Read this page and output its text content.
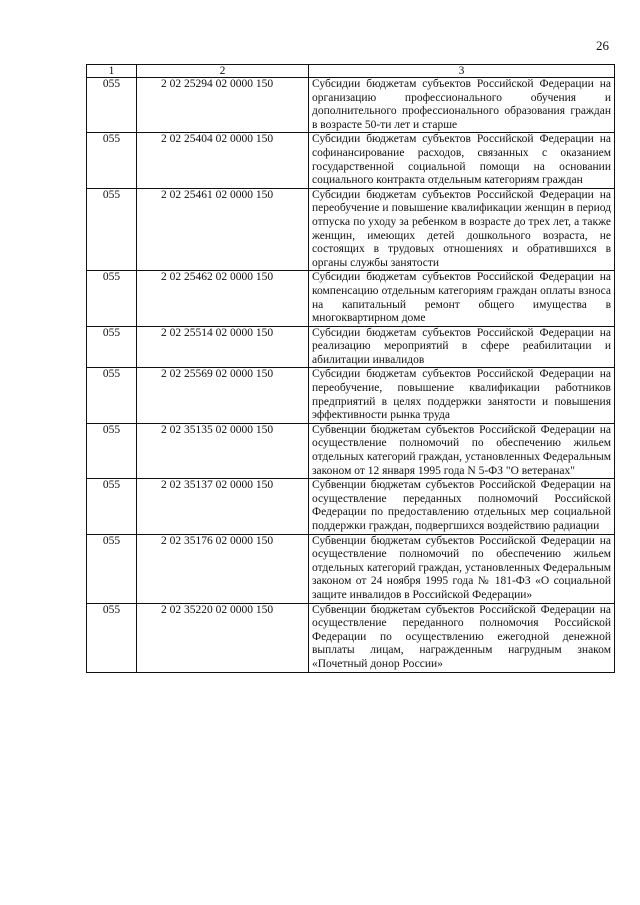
26
1	2	3
055	2 02 25294 02 0000 150	Субсидии бюджетам субъектов Российской Федерации на организацию профессионального обучения и дополнительного профессионального образования граждан в возрасте 50-ти лет и старше
055	2 02 25404 02 0000 150	Субсидии бюджетам субъектов Российской Федерации на софинансирование расходов, связанных с оказанием государственной социальной помощи на основании социального контракта отдельным категориям граждан
055	2 02 25461 02 0000 150	Субсидии бюджетам субъектов Российской Федерации на переобучение и повышение квалификации женщин в период отпуска по уходу за ребенком в возрасте до трех лет, а также женщин, имеющих детей дошкольного возраста, не состоящих в трудовых отношениях и обратившихся в органы службы занятости
055	2 02 25462 02 0000 150	Субсидии бюджетам субъектов Российской Федерации на компенсацию отдельным категориям граждан оплаты взноса на капитальный ремонт общего имущества в многоквартирном доме
055	2 02 25514 02 0000 150	Субсидии бюджетам субъектов Российской Федерации на реализацию мероприятий в сфере реабилитации и абилитации инвалидов
055	2 02 25569 02 0000 150	Субсидии бюджетам субъектов Российской Федерации на переобучение, повышение квалификации работников предприятий в целях поддержки занятости и повышения эффективности рынка труда
055	2 02 35135 02 0000 150	Субвенции бюджетам субъектов Российской Федерации на осуществление полномочий по обеспечению жильем отдельных категорий граждан, установленных Федеральным законом от 12 января 1995 года N 5-ФЗ "О ветеранах"
055	2 02 35137 02 0000 150	Субвенции бюджетам субъектов Российской Федерации на осуществление переданных полномочий Российской Федерации по предоставлению отдельных мер социальной поддержки граждан, подвергшихся воздействию радиации
055	2 02 35176 02 0000 150	Субвенции бюджетам субъектов Российской Федерации на осуществление полномочий по обеспечению жильем отдельных категорий граждан, установленных Федеральным законом от 24 ноября 1995 года № 181-ФЗ «О социальной защите инвалидов в Российской Федерации»
055	2 02 35220 02 0000 150	Субвенции бюджетам субъектов Российской Федерации на осуществление переданного полномочия Российской Федерации по осуществлению ежегодной денежной выплаты лицам, награжденным нагрудным знаком «Почетный донор России»
